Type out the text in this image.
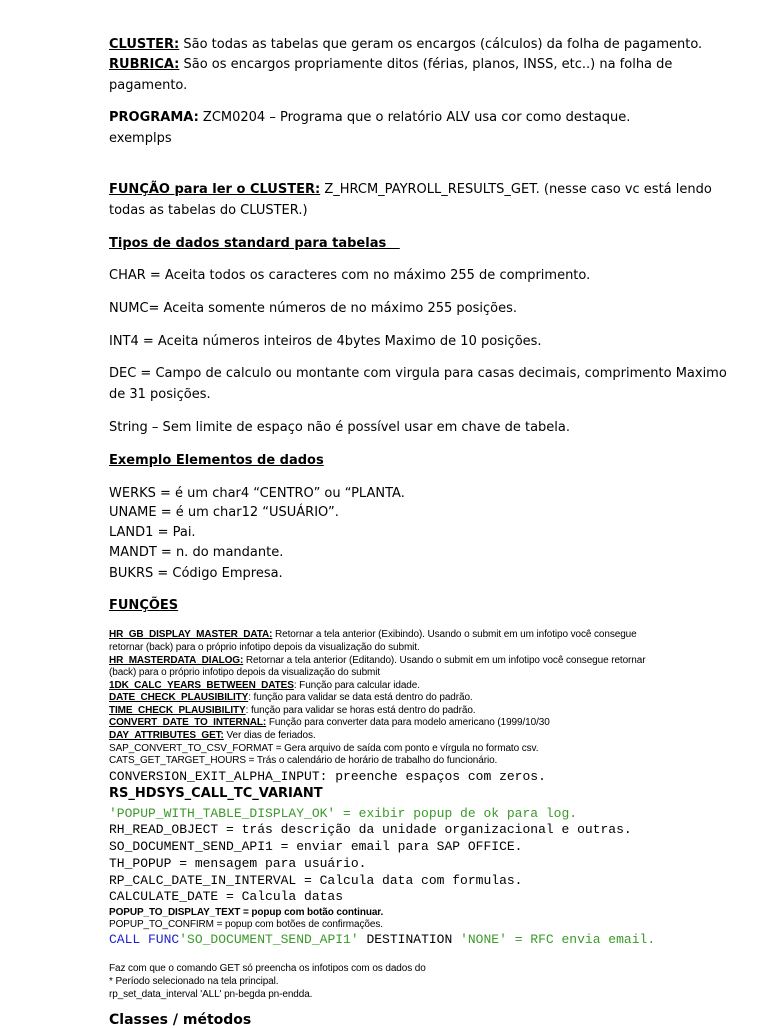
CLUSTER: São todas as tabelas que geram os encargos (cálculos) da folha de pagamento.
RUBRICA: São os encargos propriamente ditos (férias, planos, INSS, etc..) na folha de
pagamento.
PROGRAMA: ZCM0204 – Programa que o relatório ALV usa cor como destaque.
exemplps
FUNÇÃO para ler o CLUSTER: Z_HRCM_PAYROLL_RESULTS_GET. (nesse caso vc está lendo
todas as tabelas do CLUSTER.)
Tipos de dados standard para tabelas
CHAR = Aceita todos os caracteres com no máximo 255 de comprimento.
NUMC= Aceita somente números de no máximo 255 posições.
INT4 = Aceita números inteiros de 4bytes Maximo de 10 posições.
DEC = Campo de calculo ou montante com virgula para casas decimais, comprimento Maximo
de 31 posições.
String – Sem limite de espaço não é possível usar em chave de tabela.
Exemplo Elementos de dados
WERKS = é um char4 “CENTRO” ou “PLANTA.
UNAME = é um char12 “USUÁRIO”.
LAND1 = Pai.
MANDT = n. do mandante.
BUKRS = Código Empresa.
FUNÇÕES
HR_GB_DISPLAY_MASTER_DATA: Retornar a tela anterior (Exibindo). Usando o submit em um infotipo você consegue
retornar (back) para o próprio infotipo depois da visualização do submit.
HR_MASTERDATA_DIALOG: Retornar a tela anterior (Editando). Usando o submit em um infotipo você consegue retornar
(back) para o próprio infotipo depois da visualização do submit
1DK_CALC_YEARS_BETWEEN_DATES: Função para calcular idade.
DATE_CHECK_PLAUSIBILITY: função para validar se data está dentro do padrão.
TIME_CHECK_PLAUSIBILITY: função para validar se horas está dentro do padrão.
CONVERT_DATE_TO_INTERNAL: Função para converter data para modelo americano (1999/10/30
DAY_ATTRIBUTES_GET: Ver dias de feriados.
SAP_CONVERT_TO_CSV_FORMAT = Gera arquivo de saída com ponto e vírgula no formato csv.
CATS_GET_TARGET_HOURS = Trás o calendário de horário de trabalho do funcionário.
CONVERSION_EXIT_ALPHA_INPUT: preenche espaços com zeros.
RS_HDSYS_CALL_TC_VARIANT
'POPUP_WITH_TABLE_DISPLAY_OK' = exibir popup de ok para log.
RH_READ_OBJECT = trás descrição da unidade organizacional e outras.
SO_DOCUMENT_SEND_API1 = enviar email para SAP OFFICE.
TH_POPUP = mensagem para usuário.
RP_CALC_DATE_IN_INTERVAL = Calcula data com formulas.
CALCULATE_DATE = Calcula datas
POPUP_TO_DISPLAY_TEXT = popup com botão continuar.
POPUP_TO_CONFIRM = popup com botões de confirmações.
CALL FUNC'SO_DOCUMENT_SEND_API1' DESTINATION 'NONE' = RFC envia email.
Faz com que o comando GET só preencha os infotipos com os dados do
* Período selecionado na tela principal.
rp_set_data_interval 'ALL' pn-begda pn-endda.
Classes / métodos
